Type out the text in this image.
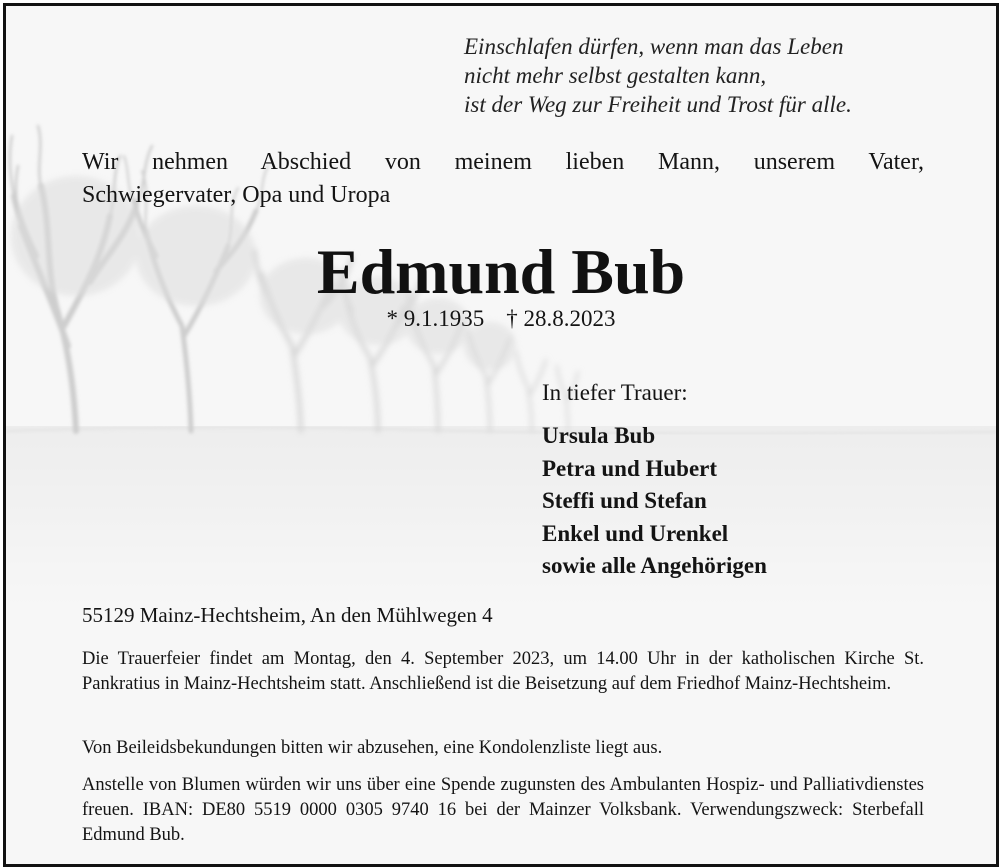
Einschlafen dürfen, wenn man das Leben
nicht mehr selbst gestalten kann,
ist der Weg zur Freiheit und Trost für alle.
Wir nehmen Abschied von meinem lieben Mann, unserem Vater,
Schwiegervater, Opa und Uropa
Edmund Bub
* 9.1.1935 † 28.8.2023
In tiefer Trauer:
Ursula Bub
Petra und Hubert
Steffi und Stefan
Enkel und Urenkel
sowie alle Angehörigen
55129 Mainz-Hechtsheim, An den Mühlwegen 4
Die Trauerfeier findet am Montag, den 4. September 2023, um 14.00 Uhr in der katholischen Kirche St. Pankratius in Mainz-Hechtsheim statt. Anschließend ist die Beisetzung auf dem Friedhof Mainz-Hechtsheim.
Von Beileidsbekundungen bitten wir abzusehen, eine Kondolenzliste liegt aus.
Anstelle von Blumen würden wir uns über eine Spende zugunsten des Ambulanten Hospiz- und Palliativdienstes freuen. IBAN: DE80 5519 0000 0305 9740 16 bei der Mainzer Volksbank. Verwendungszweck: Sterbefall Edmund Bub.
